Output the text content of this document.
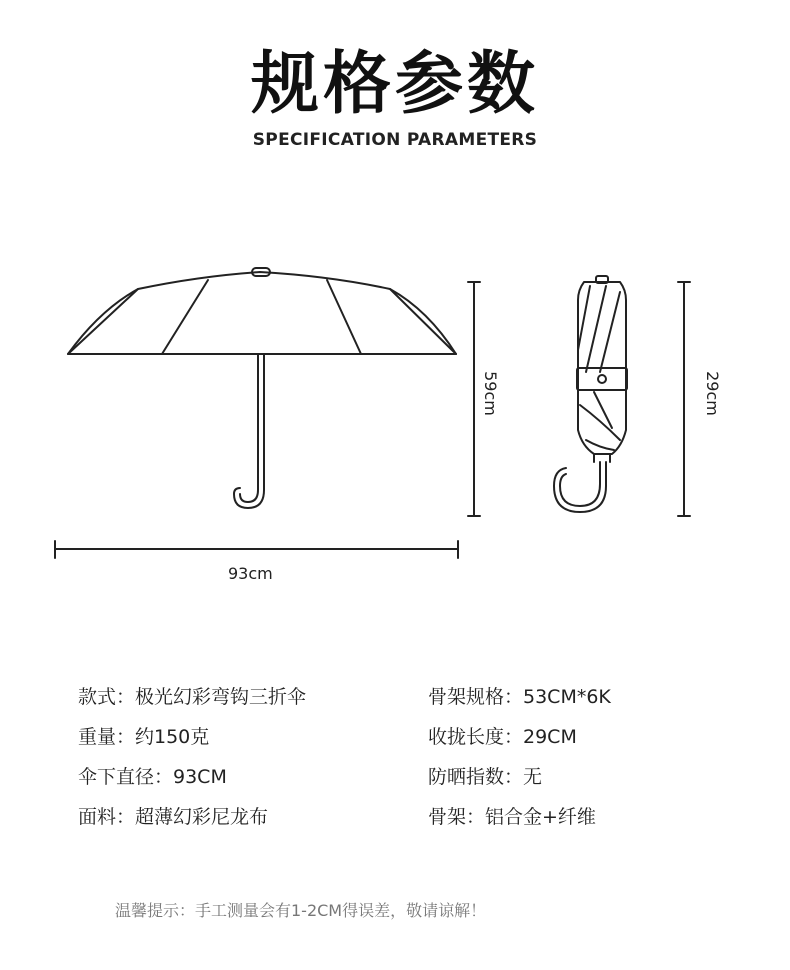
规格参数
SPECIFICATION PARAMETERS
59cm
93cm
29cm
款式：极光幻彩弯钩三折伞
重量：约150克
伞下直径：93CM
面料：超薄幻彩尼龙布
骨架规格：53CM*6K
收拢长度：29CM
防晒指数：无
骨架：铝合金+纤维
温馨提示：手工测量会有1-2CM得误差，敬请谅解！
